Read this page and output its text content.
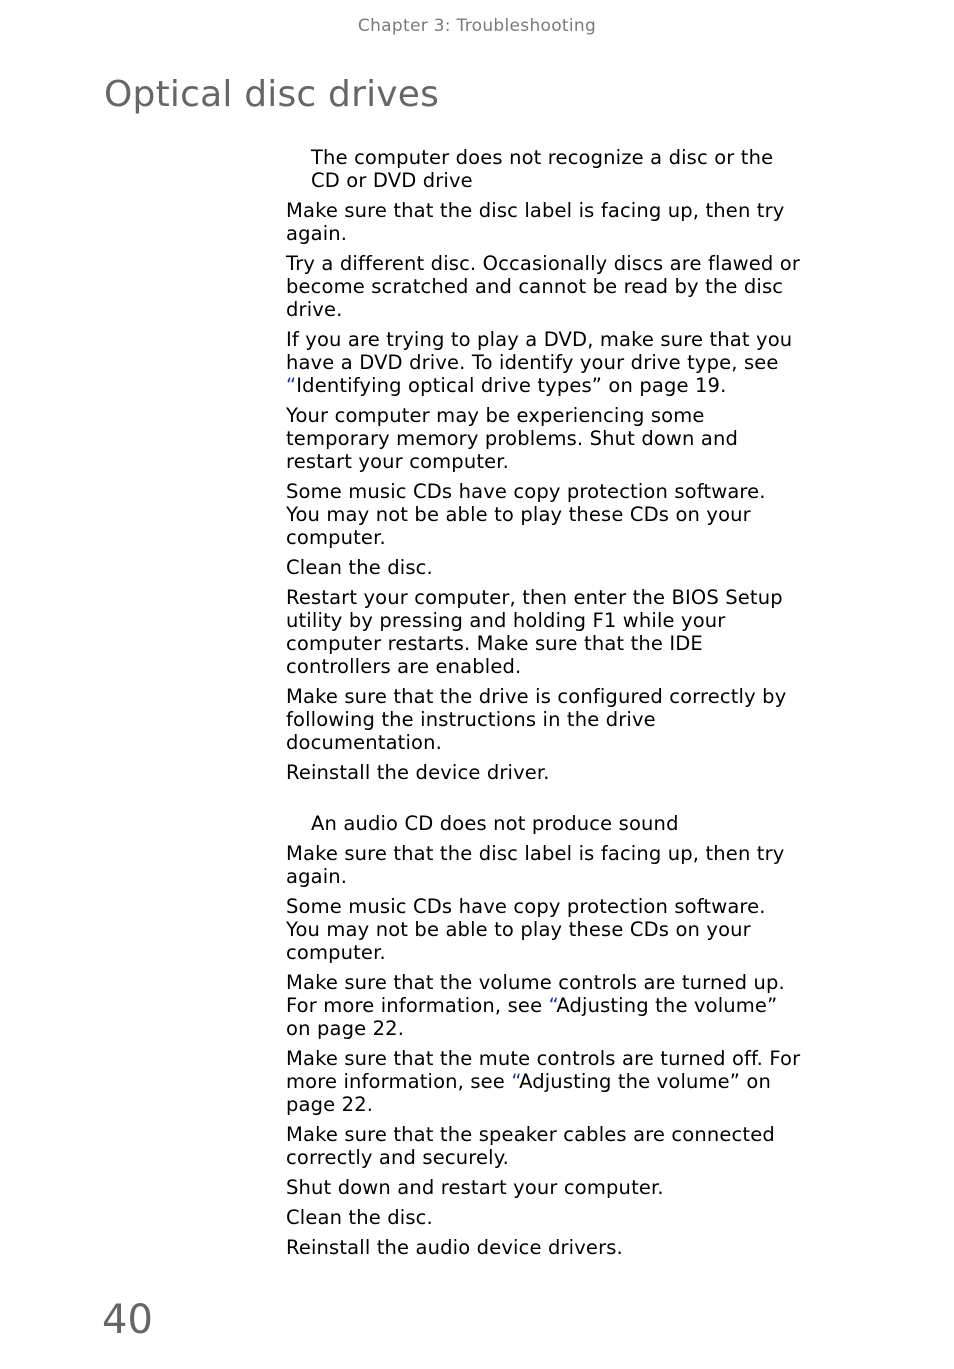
Chapter 3: Troubleshooting
Optical disc drives

The computer does not recognize a disc or the CD or DVD drive

Make sure that the disc label is facing up, then try again.

Try a different disc. Occasionally discs are flawed or become scratched and cannot be read by the disc drive.

If you are trying to play a DVD, make sure that you have a DVD drive. To identify your drive type, see “Identifying optical drive types” on page 19.

Your computer may be experiencing some temporary memory problems. Shut down and restart your computer.

Some music CDs have copy protection software. You may not be able to play these CDs on your computer.

Clean the disc.

Restart your computer, then enter the BIOS Setup utility by pressing and holding F1 while your computer restarts. Make sure that the IDE controllers are enabled.

Make sure that the drive is configured correctly by following the instructions in the drive documentation.

Reinstall the device driver.

An audio CD does not produce sound

Make sure that the disc label is facing up, then try again.

Some music CDs have copy protection software. You may not be able to play these CDs on your computer.

Make sure that the volume controls are turned up. For more information, see “Adjusting the volume” on page 22.

Make sure that the mute controls are turned off. For more information, see “Adjusting the volume” on page 22.

Make sure that the speaker cables are connected correctly and securely.

Shut down and restart your computer.

Clean the disc.

Reinstall the audio device drivers.

40
